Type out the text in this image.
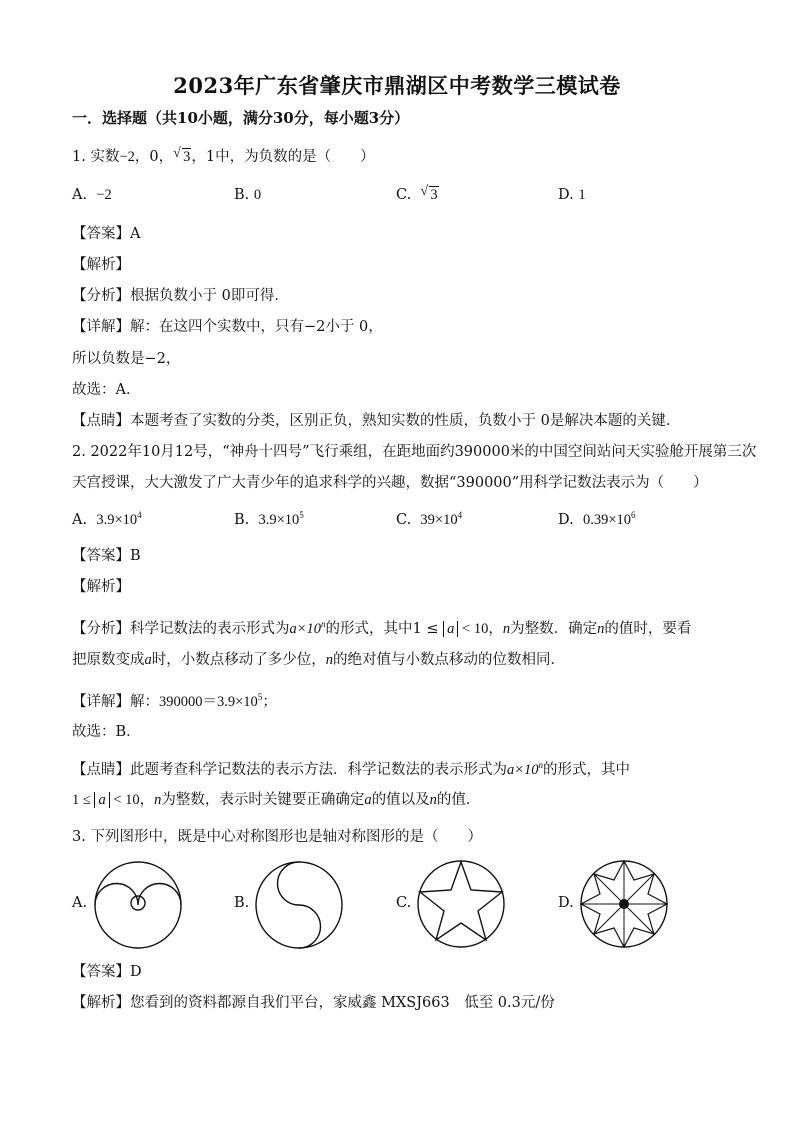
2023年广东省肇庆市鼎湖区中考数学三模试卷
一．选择题（共10小题，满分30分，每小题3分）
1. 实数−2，0， √ 3，1中，为负数的是（　　）
A. −2	B. 0	C. √ 3	D. 1
【答案】A
【解析】
【分析】根据负数小于 0即可得．
【详解】解：在这四个实数中，只有−2小于 0，
所以负数是−2，
故选：A．
【点睛】本题考查了实数的分类，区别正负，熟知实数的性质，负数小于 0是解决本题的关键．
2. 2022年10月12号，“神舟十四号”飞行乘组，在距地面约390000米的中国空间站问天实验舱开展第三次
天宫授课，大大激发了广大青少年的追求科学的兴趣，数据“390000”用科学记数法表示为（　　）
A. $3.9\times 10^4$	B. $3.9\times 10^5$	C. $39\times 10^4$	D. $0.39\times 10^6$
【答案】B
【解析】
【分析】科学记数法的表示形式为$a\times 10^n$的形式，其中1 ≤ a < 10，n为整数．确定n的值时，要看
把原数变成a时，小数点移动了多少位，n的绝对值与小数点移动的位数相同．
【详解】解：$390000=3.9\times 10^5$；
故选：B．
【点睛】此题考查科学记数法的表示方法．科学记数法的表示形式为$a\times 10^n$的形式，其中
1 ≤ a < 10，n为整数，表示时关键要正确确定a的值以及n的值．
3. 下列图形中，既是中心对称图形也是轴对称图形的是（　　）
A.	B.	C.	D.
【答案】D
【解析】您看到的资料都源自我们平台，家威鑫 MXSJ663　低至 0.3元/份
